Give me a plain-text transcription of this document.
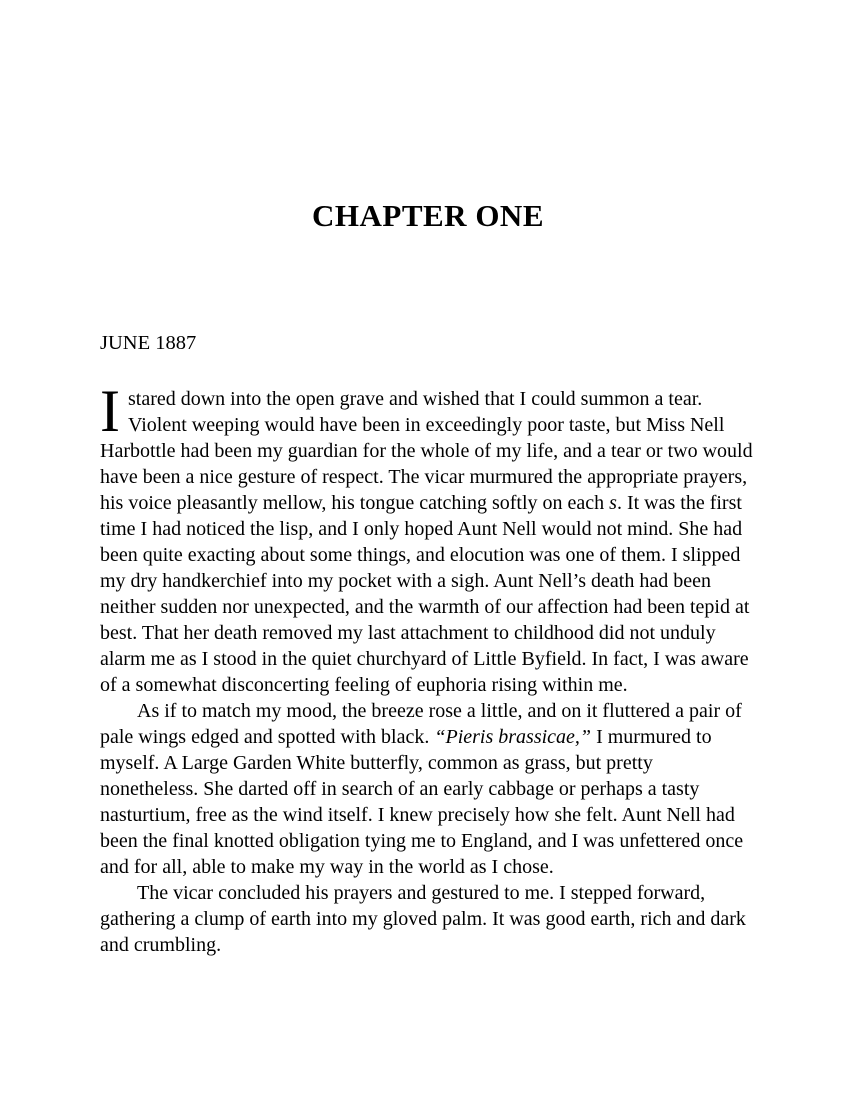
CHAPTER ONE

JUNE 1887

Istared down into the open grave and wished that I could summon a tear. Violent weeping would have been in exceedingly poor taste, but Miss Nell Harbottle had been my guardian for the whole of my life, and a tear or two would have been a nice gesture of respect. The vicar murmured the appropriate prayers, his voice pleasantly mellow, his tongue catching softly on each s. It was the first time I had noticed the lisp, and I only hoped Aunt Nell would not mind. She had been quite exacting about some things, and elocution was one of them. I slipped my dry handkerchief into my pocket with a sigh. Aunt Nell’s death had been neither sudden nor unexpected, and the warmth of our affection had been tepid at best. That her death removed my last attachment to childhood did not unduly alarm me as I stood in the quiet churchyard of Little Byfield. In fact, I was aware of a somewhat disconcerting feeling of euphoria rising within me.

As if to match my mood, the breeze rose a little, and on it fluttered a pair of pale wings edged and spotted with black. “Pieris brassicae,” I murmured to myself. A Large Garden White butterfly, common as grass, but pretty nonetheless. She darted off in search of an early cabbage or perhaps a tasty nasturtium, free as the wind itself. I knew precisely how she felt. Aunt Nell had been the final knotted obligation tying me to England, and I was unfettered once and for all, able to make my way in the world as I chose.

The vicar concluded his prayers and gestured to me. I stepped forward, gathering a clump of earth into my gloved palm. It was good earth, rich and dark and crumbling.
